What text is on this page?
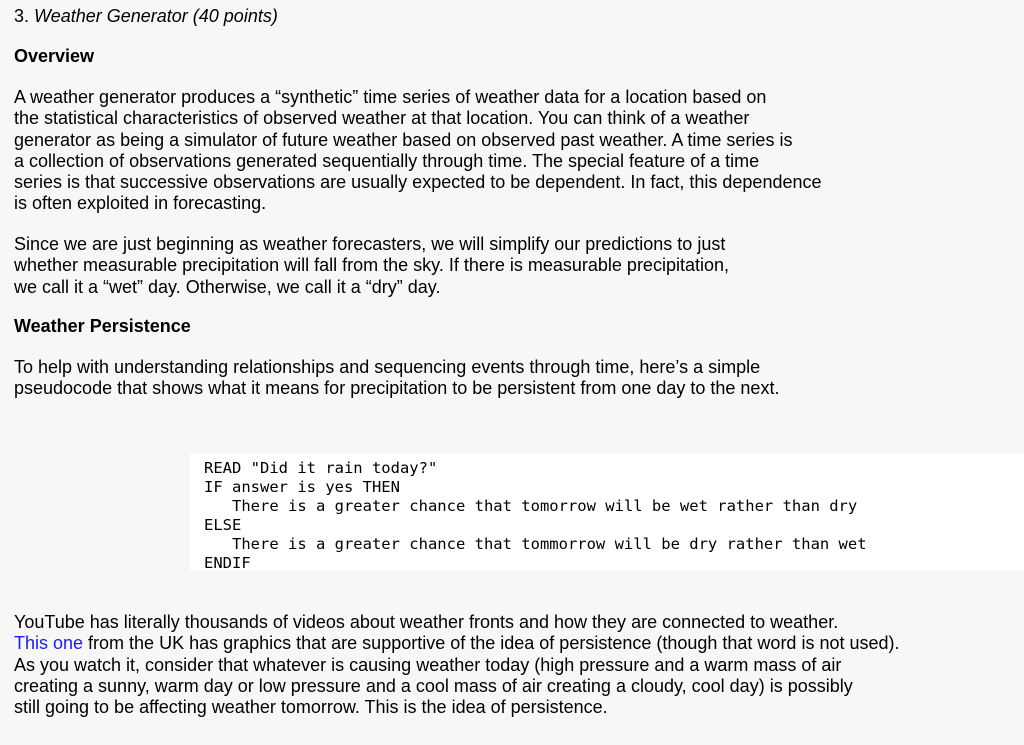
3. Weather Generator (40 points)

Overview

A weather generator produces a “synthetic” time series of weather data for a location based on

the statistical characteristics of observed weather at that location. You can think of a weather

generator as being a simulator of future weather based on observed past weather. A time series is

a collection of observations generated sequentially through time. The special feature of a time

series is that successive observations are usually expected to be dependent. In fact, this dependence

is often exploited in forecasting.

Since we are just beginning as weather forecasters, we will simplify our predictions to just

whether measurable precipitation will fall from the sky. If there is measurable precipitation,

we call it a “wet” day. Otherwise, we call it a “dry” day.

Weather Persistence

To help with understanding relationships and sequencing events through time, here’s a simple

pseudocode that shows what it means for precipitation to be persistent from one day to the next.

YouTube has literally thousands of videos about weather fronts and how they are connected to weather.

This one from the UK has graphics that are supportive of the idea of persistence (though that word is not used).

As you watch it, consider that whatever is causing weather today (high pressure and a warm mass of air

creating a sunny, warm day or low pressure and a cool mass of air creating a cloudy, cool day) is possibly

still going to be affecting weather tomorrow. This is the idea of persistence.

READ "Did it rain today?"
IF answer is yes THEN
There is a greater chance that tomorrow will be wet rather than dry
ELSE
There is a greater chance that tommorrow will be dry rather than wet
ENDIF
